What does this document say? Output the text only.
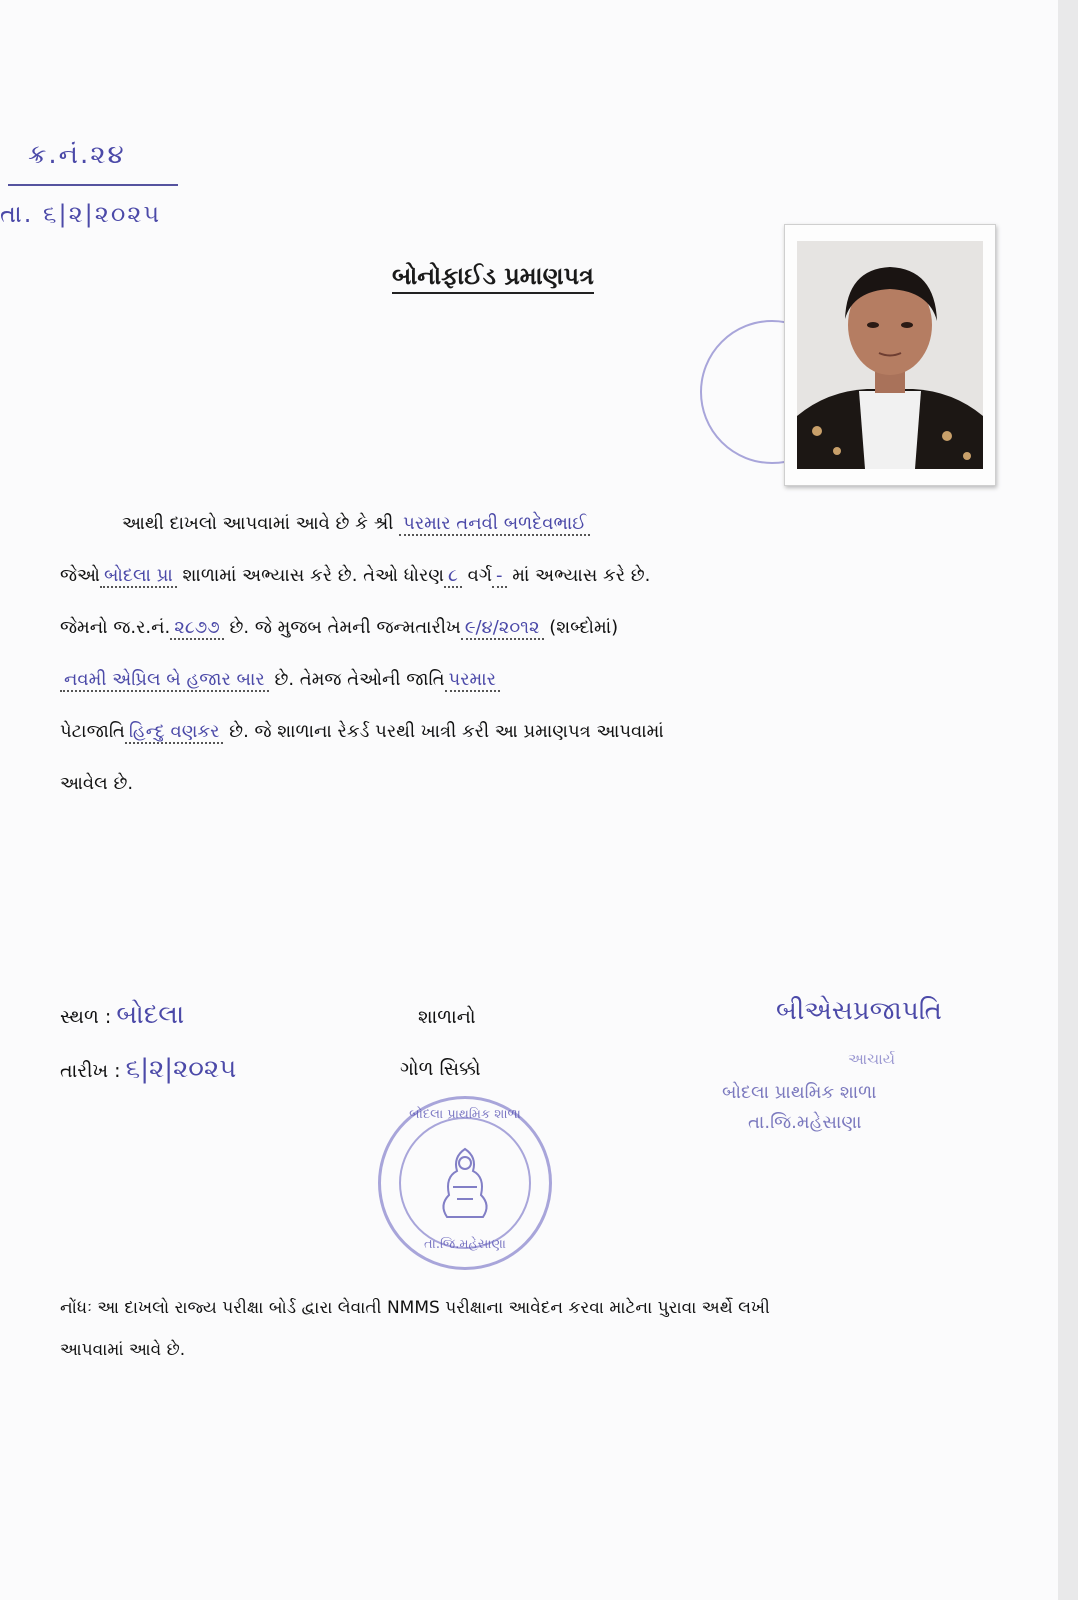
ક્ર.નં.૨૪
તા. ૬|૨|૨૦૨૫
બોનોફાઈડ પ્રમાણપત્ર
આથી દાખલો આપવામાં આવે છે કે શ્રી પરમાર તનવી બળદેવભાઈ
જેઓ બોદલા પ્રા શાળામાં અભ્યાસ કરે છે. તેઓ ધોરણ ૮ વર્ગ - માં અભ્યાસ કરે છે.
જેમનો જ.ર.નં. ૨૮૭૭ છે. જે મુજબ તેમની જન્મતારીખ ૯/૪/૨૦૧૨ (શબ્દોમાં)
નવમી એપ્રિલ બે હજાર બાર છે. તેમજ તેઓની જાતિ પરમાર
પેટાજાતિ હિન્દુ વણકર છે. જે શાળાના રેકર્ડ પરથી ખાત્રી કરી આ પ્રમાણપત્ર આપવામાં
આવેલ છે.
સ્થળ : બોદલા
તારીખ : ૬|૨|૨૦૨૫
શાળાનો
ગોળ સિક્કો
બોદલા પ્રાથમિક શાળા
તા.જિ.મહેસાણા
બીએસપ્રજાપતિ
આચાર્ય
બોદલા પ્રાથમિક શાળા
તા.જિ.મહેસાણા
નોંધઃ આ દાખલો રાજ્ય પરીક્ષા બોર્ડ દ્વારા લેવાતી NMMS પરીક્ષાના આવેદન કરવા માટેના પુરાવા અર્થે લખી
આપવામાં આવે છે.
